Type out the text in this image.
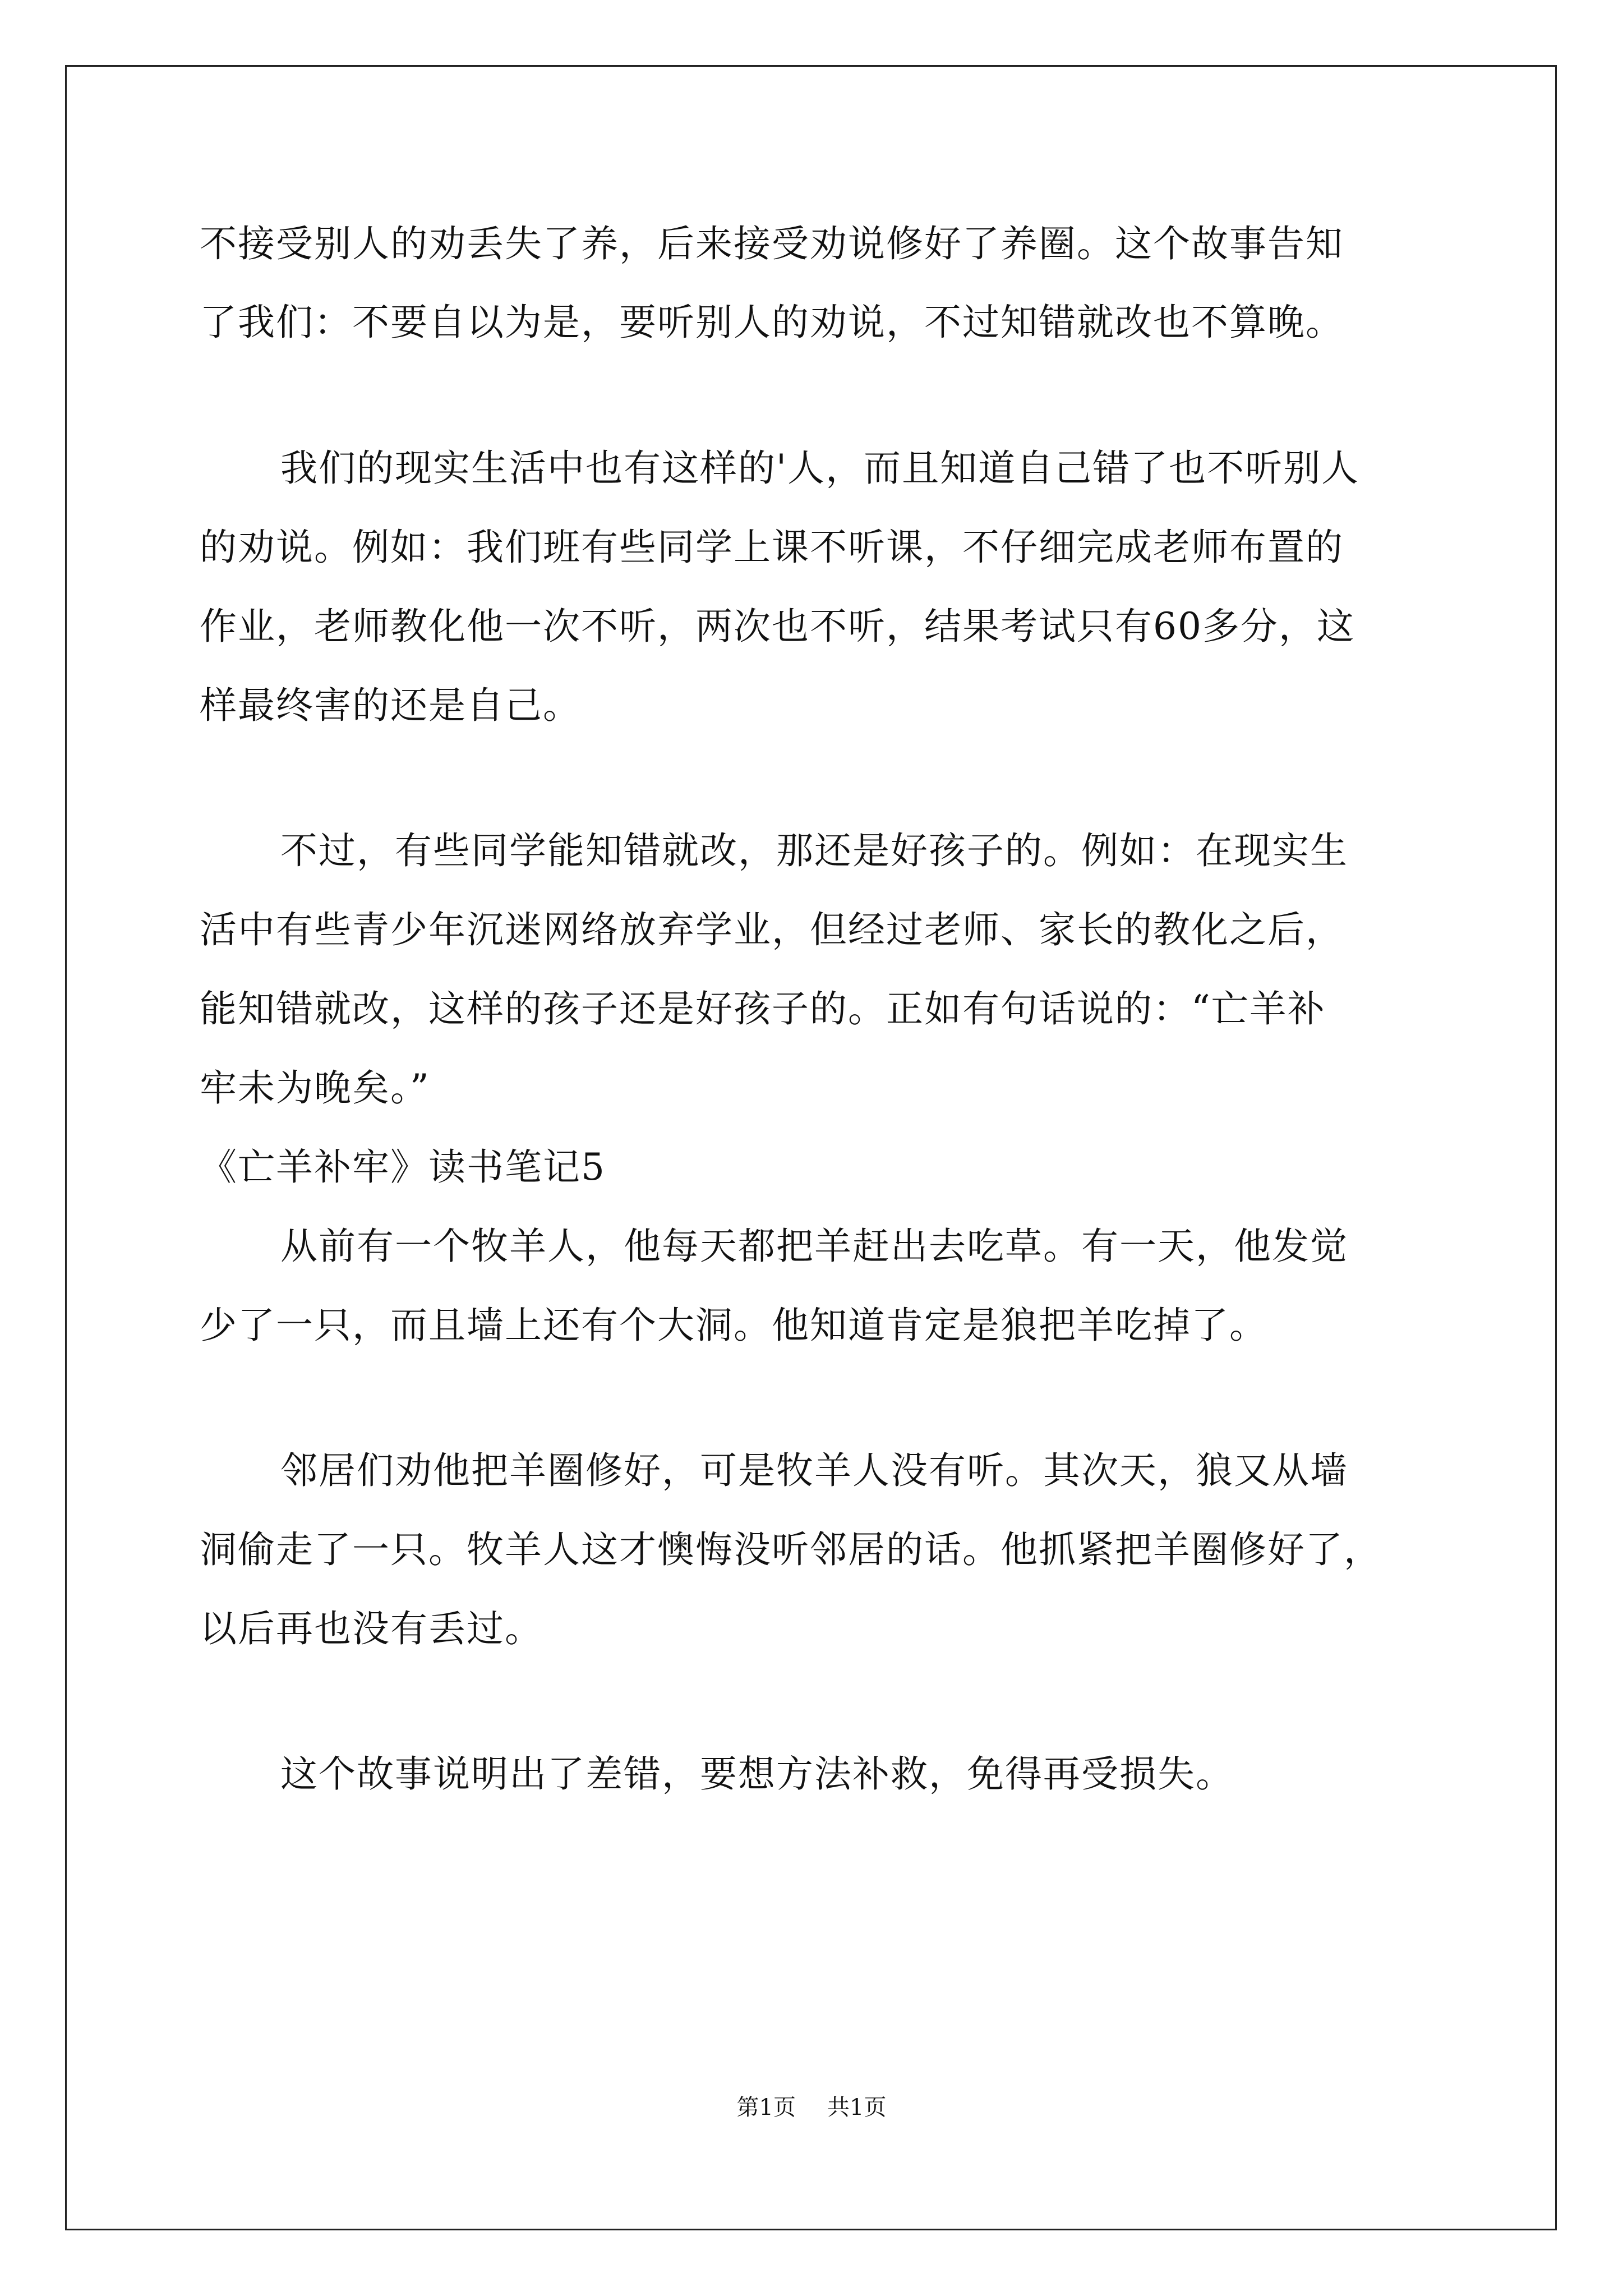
不接受别人的劝丢失了养，后来接受劝说修好了养圈。这个故事告知
了我们：不要自以为是，要听别人的劝说，不过知错就改也不算晚。
我们的现实生活中也有这样的'人，而且知道自己错了也不听别人
的劝说。例如：我们班有些同学上课不听课，不仔细完成老师布置的
作业，老师教化他一次不听，两次也不听，结果考试只有60多分，这
样最终害的还是自己。
不过，有些同学能知错就改，那还是好孩子的。例如：在现实生
活中有些青少年沉迷网络放弃学业，但经过老师、家长的教化之后，
能知错就改，这样的孩子还是好孩子的。正如有句话说的：“亡羊补
牢未为晚矣。”
《亡羊补牢》读书笔记5
从前有一个牧羊人，他每天都把羊赶出去吃草。有一天，他发觉
少了一只，而且墙上还有个大洞。他知道肯定是狼把羊吃掉了。
邻居们劝他把羊圈修好，可是牧羊人没有听。其次天，狼又从墙
洞偷走了一只。牧羊人这才懊悔没听邻居的话。他抓紧把羊圈修好了，
以后再也没有丢过。
这个故事说明出了差错，要想方法补救，免得再受损失。
第1页 共1页
